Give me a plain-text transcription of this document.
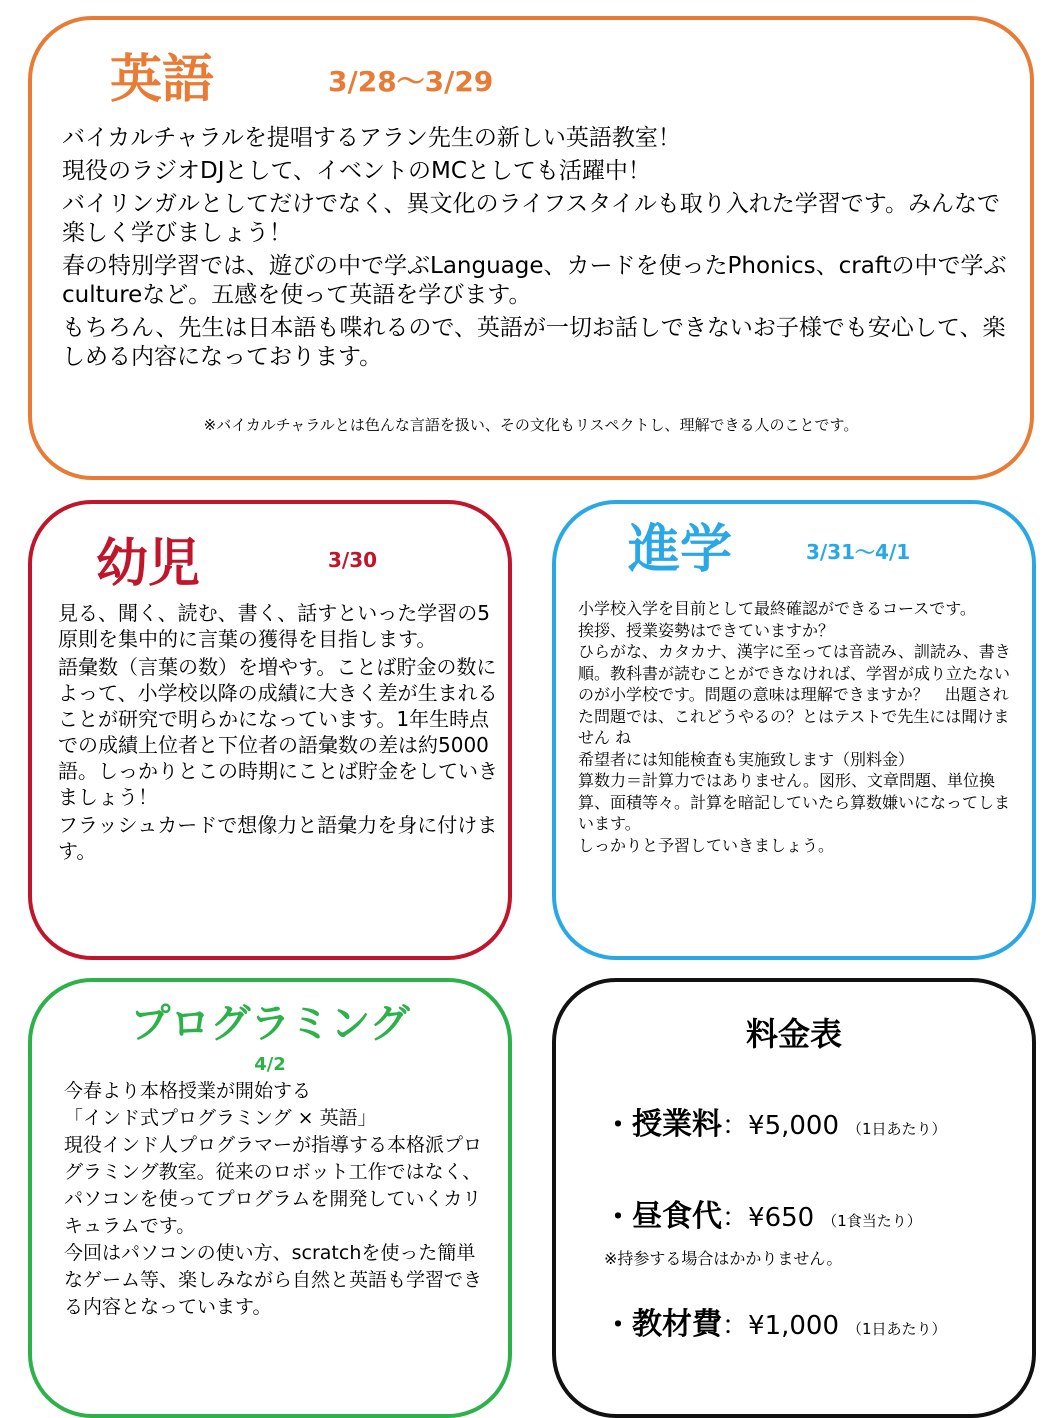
英語	3/28～3/29

バイカルチャラルを提唱するアラン先生の新しい英語教室！

現役のラジオDJとして、イベントのMCとしても活躍中！

バイリンガルとしてだけでなく、異文化のライフスタイルも取り入れた学習です。みんなで楽しく学びましょう！

春の特別学習では、遊びの中で学ぶLanguage、カードを使ったPhonics、craftの中で学ぶcultureなど。五感を使って英語を学びます。

もちろん、先生は日本語も喋れるので、英語が一切お話しできないお子様でも安心して、楽しめる内容になっております。

※バイカルチャラルとは色んな言語を扱い、その文化もリスペクトし、理解できる人のことです。
幼児	3/30

見る、聞く、読む、書く、話すといった学習の5原則を集中的に言葉の獲得を目指します。

語彙数（言葉の数）を増やす。ことば貯金の数によって、小学校以降の成績に大きく差が生まれることが研究で明らかになっています。1年生時点での成績上位者と下位者の語彙数の差は約5000語。しっかりとこの時期にことば貯金をしていきましょう！

フラッシュカードで想像力と語彙力を身に付けます。

進学	3/31～4/1

小学校入学を目前として最終確認ができるコースです。

挨拶、授業姿勢はできていますか？

ひらがな、カタカナ、漢字に至っては音読み、訓読み、書き順。教科書が読むことができなければ、学習が成り立たないのが小学校です。問題の意味は理解できますか？　出題された問題では、これどうやるの？とはテストで先生には聞けません ね

希望者には知能検査も実施致します（別料金）

算数力＝計算力ではありません。図形、文章問題、単位換算、面積等々。計算を暗記していたら算数嫌いになってしまいます。

しっかりと予習していきましょう。

プログラミング
4/2

今春より本格授業が開始する

「インド式プログラミング × 英語」

現役インド人プログラマーが指導する本格派プログラミング教室。従来のロボット工作ではなく、パソコンを使ってプログラムを開発していくカリキュラムです。

今回はパソコンの使い方、scratchを使った簡単なゲーム等、楽しみながら自然と英語も学習できる内容となっています。

料金表
・授業料：¥5,000 （1日あたり）
・昼食代：¥650 （1食当たり）
※持参する場合はかかりません。
・教材費：¥1,000 （1日あたり）
